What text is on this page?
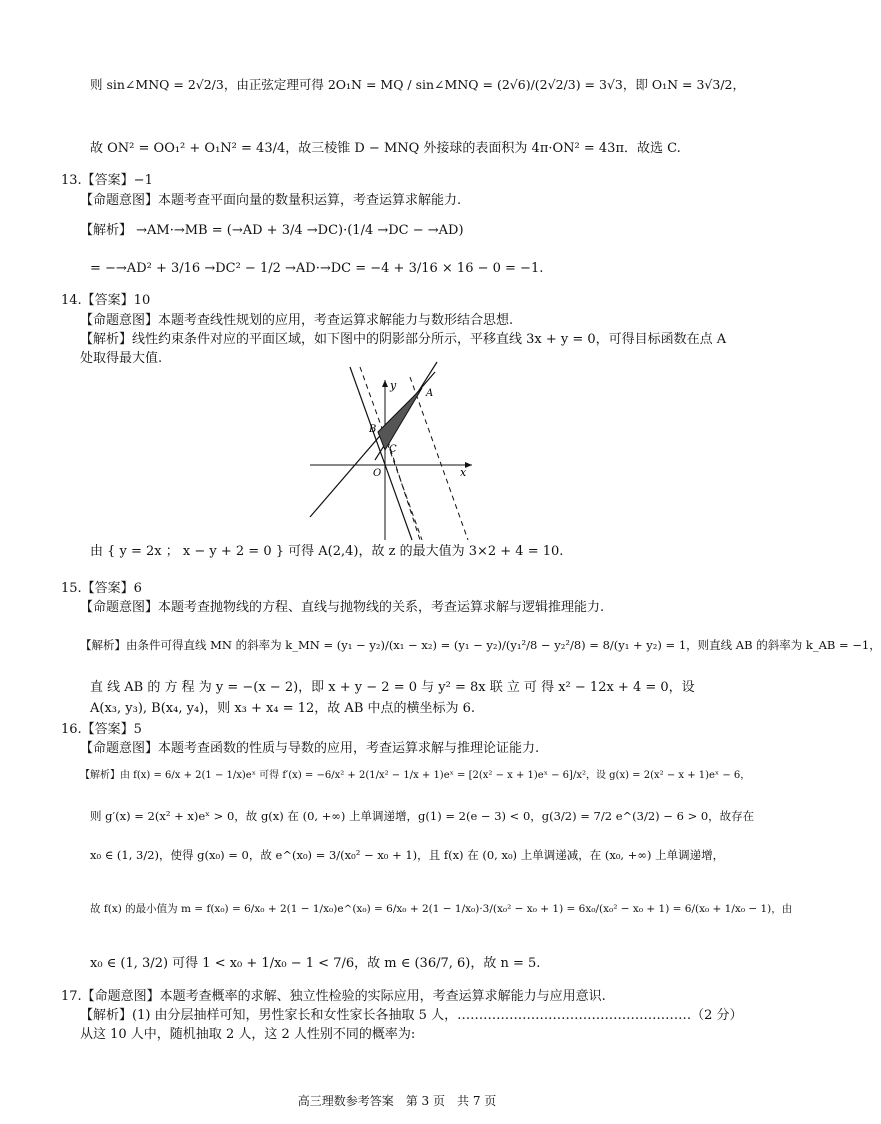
则 sin∠MNQ = 2√2/3，由正弦定理可得 2O₁N = MQ / sin∠MNQ = (2√6)/(2√2/3) = 3√3，即 O₁N = 3√3/2，
故 ON² = OO₁² + O₁N² = 43/4，故三棱锥 D − MNQ 外接球的表面积为 4π·ON² = 43π．故选 C.
13.【答案】−1
【命题意图】本题考查平面向量的数量积运算，考查运算求解能力.
【解析】 →AM·→MB = (→AD + 3/4 →DC)·(1/4 →DC − →AD)
= −→AD² + 3/16 →DC² − 1/2 →AD·→DC = −4 + 3/16 × 16 − 0 = −1.
14.【答案】10
【命题意图】本题考查线性规划的应用，考查运算求解能力与数形结合思想.
【解析】线性约束条件对应的平面区域，如下图中的阴影部分所示，平移直线 3x + y = 0，可得目标函数在点 A
处取得最大值.
y
x
O
A
B
C
由 { y = 2x ； x − y + 2 = 0 } 可得 A(2,4)，故 z 的最大值为 3×2 + 4 = 10.
15.【答案】6
【命题意图】本题考查抛物线的方程、直线与抛物线的关系，考查运算求解与逻辑推理能力.
【解析】由条件可得直线 MN 的斜率为 k_MN = (y₁ − y₂)/(x₁ − x₂) = (y₁ − y₂)/(y₁²/8 − y₂²/8) = 8/(y₁ + y₂) = 1，则直线 AB 的斜率为 k_AB = −1，
直 线 AB 的 方 程 为 y = −(x − 2)，即 x + y − 2 = 0 与 y² = 8x 联 立 可 得 x² − 12x + 4 = 0，设
A(x₃, y₃), B(x₄, y₄)，则 x₃ + x₄ = 12，故 AB 中点的横坐标为 6.
16.【答案】5
【命题意图】本题考查函数的性质与导数的应用，考查运算求解与推理论证能力.
【解析】由 f(x) = 6/x + 2(1 − 1/x)eˣ 可得 f′(x) = −6/x² + 2(1/x² − 1/x + 1)eˣ = [2(x² − x + 1)eˣ − 6]/x²，设 g(x) = 2(x² − x + 1)eˣ − 6，
则 g′(x) = 2(x² + x)eˣ > 0，故 g(x) 在 (0, +∞) 上单调递增，g(1) = 2(e − 3) < 0，g(3/2) = 7/2 e^(3/2) − 6 > 0，故存在
x₀ ∈ (1, 3/2)，使得 g(x₀) = 0，故 e^(x₀) = 3/(x₀² − x₀ + 1)，且 f(x) 在 (0, x₀) 上单调递减，在 (x₀, +∞) 上单调递增，
故 f(x) 的最小值为 m = f(x₀) = 6/x₀ + 2(1 − 1/x₀)e^(x₀) = 6/x₀ + 2(1 − 1/x₀)·3/(x₀² − x₀ + 1) = 6x₀/(x₀² − x₀ + 1) = 6/(x₀ + 1/x₀ − 1)，由
x₀ ∈ (1, 3/2) 可得 1 < x₀ + 1/x₀ − 1 < 7/6，故 m ∈ (36/7, 6)，故 n = 5.
17.【命题意图】本题考查概率的求解、独立性检验的实际应用，考查运算求解能力与应用意识.
【解析】(1) 由分层抽样可知，男性家长和女性家长各抽取 5 人，………………………………………………（2 分）
从这 10 人中，随机抽取 2 人，这 2 人性别不同的概率为:
高三理数参考答案　第 3 页　共 7 页
